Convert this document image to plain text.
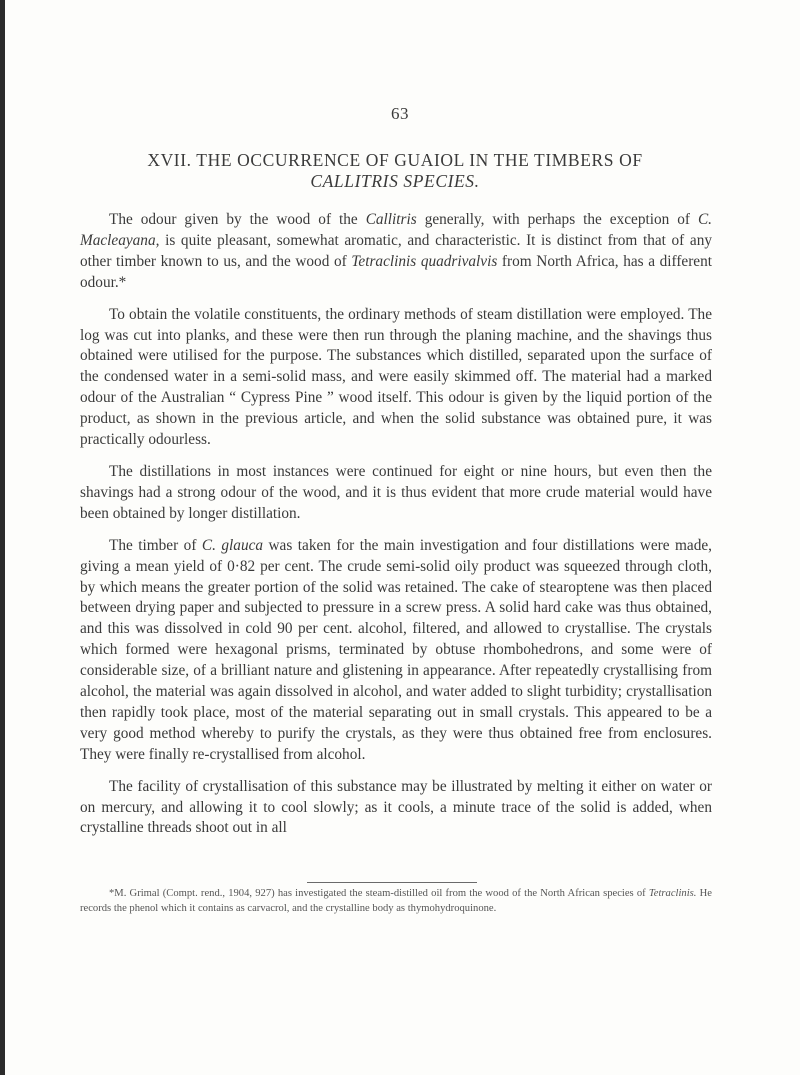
63
XVII. THE OCCURRENCE OF GUAIOL IN THE TIMBERS OF
CALLITRIS SPECIES.

The odour given by the wood of the Callitris generally, with perhaps the exception of C. Macleayana, is quite pleasant, somewhat aromatic, and characteristic. It is distinct from that of any other timber known to us, and the wood of Tetraclinis quadrivalvis from North Africa, has a different odour.*

To obtain the volatile constituents, the ordinary methods of steam distillation were employed. The log was cut into planks, and these were then run through the planing machine, and the shavings thus obtained were utilised for the purpose. The substances which distilled, separated upon the surface of the condensed water in a semi-solid mass, and were easily skimmed off. The material had a marked odour of the Australian “ Cypress Pine ” wood itself. This odour is given by the liquid portion of the product, as shown in the previous article, and when the solid substance was obtained pure, it was practically odourless.

The distillations in most instances were continued for eight or nine hours, but even then the shavings had a strong odour of the wood, and it is thus evident that more crude material would have been obtained by longer distillation.

The timber of C. glauca was taken for the main investigation and four distillations were made, giving a mean yield of 0·82 per cent. The crude semi-solid oily product was squeezed through cloth, by which means the greater portion of the solid was retained. The cake of stearoptene was then placed between drying paper and subjected to pressure in a screw press. A solid hard cake was thus obtained, and this was dissolved in cold 90 per cent. alcohol, filtered, and allowed to crystallise. The crystals which formed were hexagonal prisms, terminated by obtuse rhombohedrons, and some were of considerable size, of a brilliant nature and glistening in appearance. After repeatedly crystallising from alcohol, the material was again dissolved in alcohol, and water added to slight turbidity; crystallisation then rapidly took place, most of the material separating out in small crystals. This appeared to be a very good method whereby to purify the crystals, as they were thus obtained free from enclosures. They were finally re-crystallised from alcohol.

The facility of crystallisation of this substance may be illustrated by melting it either on water or on mercury, and allowing it to cool slowly; as it cools, a minute trace of the solid is added, when crystalline threads shoot out in all

*M. Grimal (Compt. rend., 1904, 927) has investigated the steam-distilled oil from the wood of the North African species of Tetraclinis. He records the phenol which it contains as carvacrol, and the crystalline body as thymohydroquinone.
